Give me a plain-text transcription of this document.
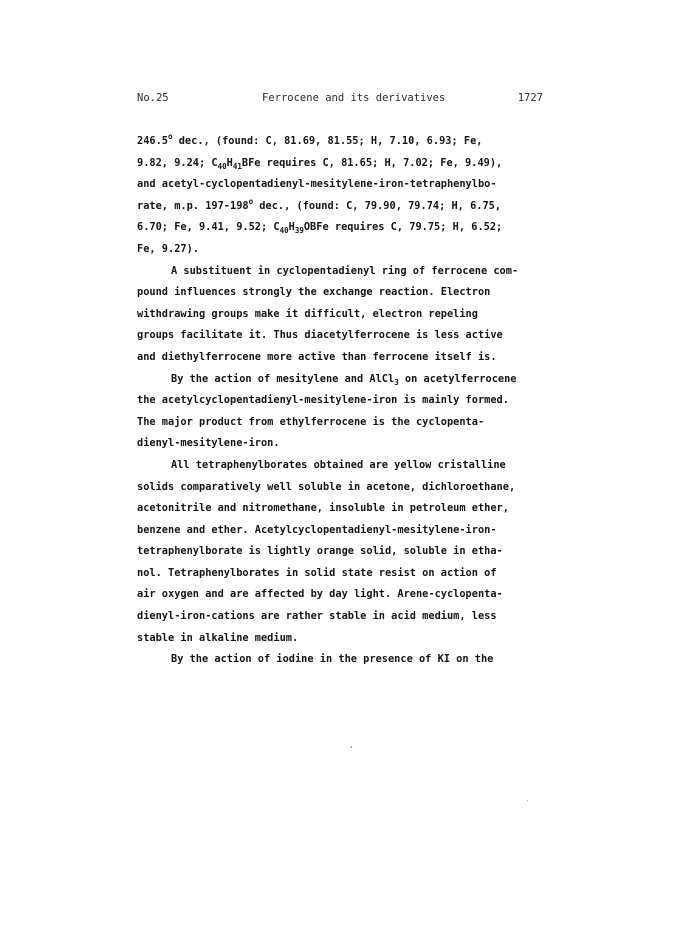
No.25	Ferrocene and its derivatives	1727
246.5$^o$ dec., (found: C, 81.69, 81.55; H, 7.10, 6.93; Fe,
9.82, 9.24; $C_{40}H_{41}BFe$ requires C, 81.65; H, 7.02; Fe, 9.49),
and acetyl-cyclopentadienyl-mesitylene-iron-tetraphenylbo-
rate, m.p. 197-198$^o$ dec., (found: C, 79.90, 79.74; H, 6.75,
6.70; Fe, 9.41, 9.52; $C_{40}H_{39}OBFe$ requires C, 79.75; H, 6.52;
Fe, 9.27).
A substituent in cyclopentadienyl ring of ferrocene com-
pound influences strongly the exchange reaction. Electron
withdrawing groups make it difficult, electron repeling
groups facilitate it. Thus diacetylferrocene is less active
and diethylferrocene more active than ferrocene itself is.
By the action of mesitylene and AlCl$_3$ on acetylferrocene
the acetylcyclopentadienyl-mesitylene-iron is mainly formed.
The major product from ethylferrocene is the cyclopenta-
dienyl-mesitylene-iron.
All tetraphenylborates obtained are yellow cristalline
solids comparatively well soluble in acetone, dichloroethane,
acetonitrile and nitromethane, insoluble in petroleum ether,
benzene and ether. Acetylcyclopentadienyl-mesitylene-iron-
tetraphenylborate is lightly orange solid, soluble in etha-
nol. Tetraphenylborates in solid state resist on action of
air oxygen and are affected by day light. Arene-cyclopenta-
dienyl-iron-cations are rather stable in acid medium, less
stable in alkaline medium.
By the action of iodine in the presence of KI on the
